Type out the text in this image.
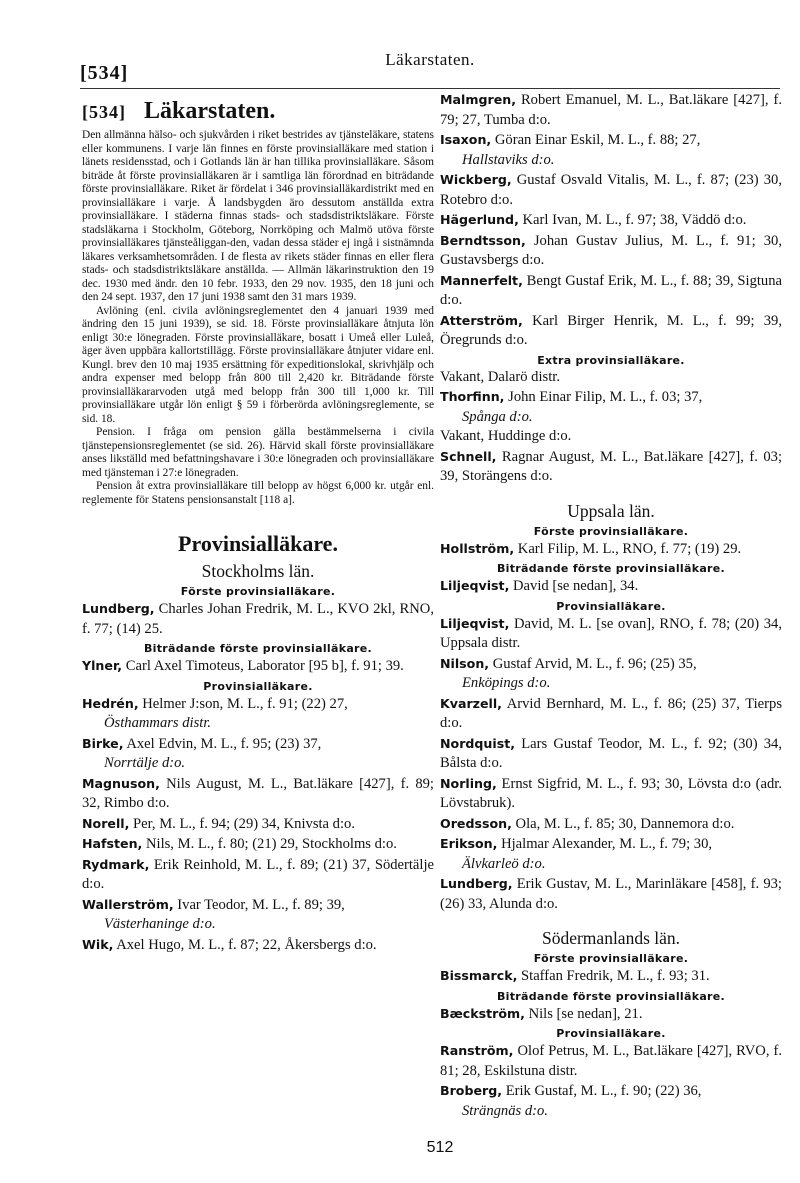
[534]
Läkarstaten.
[534] Läkarstaten.

Den allmänna hälso- och sjukvården i riket bestrides av tjänsteläkare, statens eller kommunens. I varje län finnes en förste provinsialläkare med station i länets residensstad, och i Gotlands län är han tillika provinsialläkare. Såsom biträde åt förste provinsialläkaren är i samtliga län förordnad en biträdande förste provinsialläkare. Riket är fördelat i 346 provinsialläkardistrikt med en provinsialläkare i varje. Å landsbygden äro dessutom anställda extra provinsialläkare. I städerna finnas stads- och stadsdistriktsläkare. Förste stadsläkarna i Stockholm, Göteborg, Norrköping och Malmö utöva förste provinsialläkares tjänsteåliggan-den, vadan dessa städer ej ingå i sistnämnda läkares verksamhetsområden. I de flesta av rikets städer finnas en eller flera stads- och stadsdistriktsläkare anställda. — Allmän läkarinstruktion den 19 dec. 1930 med ändr. den 10 febr. 1933, den 29 nov. 1935, den 18 juni och den 24 sept. 1937, den 17 juni 1938 samt den 31 mars 1939.

Avlöning (enl. civila avlöningsreglementet den 4 januari 1939 med ändring den 15 juni 1939), se sid. 18. Förste provinsialläkare åtnjuta lön enligt 30:e lönegraden. Förste provinsialläkare, bosatt i Umeå eller Luleå, äger även uppbära kallortstillägg. Förste provinsialläkare åtnjuter vidare enl. Kungl. brev den 10 maj 1935 ersättning för expeditionslokal, skrivhjälp och andra expenser med belopp från 800 till 2,420 kr. Biträdande förste provinsialläkararvoden utgå med belopp från 300 till 1,000 kr. Till provinsialläkare utgår lön enligt § 59 i förberörda avlöningsreglemente, se sid. 18.

Pension. I fråga om pension gälla bestämmelserna i civila tjänstepensionsreglementet (se sid. 26). Härvid skall förste provinsialläkare anses likställd med befattningshavare i 30:e lönegraden och provinsialläkare med tjänsteman i 27:e lönegraden.

Pension åt extra provinsialläkare till belopp av högst 6,000 kr. utgår enl. reglemente för Statens pensionsanstalt [118 a].

Provinsialläkare.
Stockholms län.
Förste provinsialläkare.
Lundberg, Charles Johan Fredrik, M. L., KVO 2kl, RNO, f. 77; (14) 25.
Biträdande förste provinsialläkare.
Ylner, Carl Axel Timoteus, Laborator [95 b], f. 91; 39.
Provinsialläkare.
Hedrén, Helmer J:son, M. L., f. 91; (22) 27,
Östhammars distr.
Birke, Axel Edvin, M. L., f. 95; (23) 37,
Norrtälje d:o.
Magnuson, Nils August, M. L., Bat.läkare [427], f. 89; 32, Rimbo d:o.
Norell, Per, M. L., f. 94; (29) 34, Knivsta d:o.
Hafsten, Nils, M. L., f. 80; (21) 29, Stockholms d:o.
Rydmark, Erik Reinhold, M. L., f. 89; (21) 37, Södertälje d:o.
Wallerström, Ivar Teodor, M. L., f. 89; 39,
Västerhaninge d:o.
Wik, Axel Hugo, M. L., f. 87; 22, Åkersbergs d:o.
Malmgren, Robert Emanuel, M. L., Bat.läkare [427], f. 79; 27, Tumba d:o.
Isaxon, Göran Einar Eskil, M. L., f. 88; 27,
Hallstaviks d:o.
Wickberg, Gustaf Osvald Vitalis, M. L., f. 87; (23) 30, Rotebro d:o.
Hägerlund, Karl Ivan, M. L., f. 97; 38, Väddö d:o.
Berndtsson, Johan Gustav Julius, M. L., f. 91; 30, Gustavsbergs d:o.
Mannerfelt, Bengt Gustaf Erik, M. L., f. 88; 39, Sigtuna d:o.
Atterström, Karl Birger Henrik, M. L., f. 99; 39, Öregrunds d:o.
Extra provinsialläkare.
Vakant, Dalarö distr.
Thorfinn, John Einar Filip, M. L., f. 03; 37,
Spånga d:o.
Vakant, Huddinge d:o.
Schnell, Ragnar August, M. L., Bat.läkare [427], f. 03; 39, Storängens d:o.
Uppsala län.
Förste provinsialläkare.
Hollström, Karl Filip, M. L., RNO, f. 77; (19) 29.
Biträdande förste provinsialläkare.
Liljeqvist, David [se nedan], 34.
Provinsialläkare.
Liljeqvist, David, M. L. [se ovan], RNO, f. 78; (20) 34, Uppsala distr.
Nilson, Gustaf Arvid, M. L., f. 96; (25) 35,
Enköpings d:o.
Kvarzell, Arvid Bernhard, M. L., f. 86; (25) 37, Tierps d:o.
Nordquist, Lars Gustaf Teodor, M. L., f. 92; (30) 34, Bålsta d:o.
Norling, Ernst Sigfrid, M. L., f. 93; 30, Lövsta d:o (adr. Lövstabruk).
Oredsson, Ola, M. L., f. 85; 30, Dannemora d:o.
Erikson, Hjalmar Alexander, M. L., f. 79; 30,
Älvkarleö d:o.
Lundberg, Erik Gustav, M. L., Marinläkare [458], f. 93; (26) 33, Alunda d:o.
Södermanlands län.
Förste provinsialläkare.
Bissmarck, Staffan Fredrik, M. L., f. 93; 31.
Biträdande förste provinsialläkare.
Bæckström, Nils [se nedan], 21.
Provinsialläkare.
Ranström, Olof Petrus, M. L., Bat.läkare [427], RVO, f. 81; 28, Eskilstuna distr.
Broberg, Erik Gustaf, M. L., f. 90; (22) 36,
Strängnäs d:o.
512
